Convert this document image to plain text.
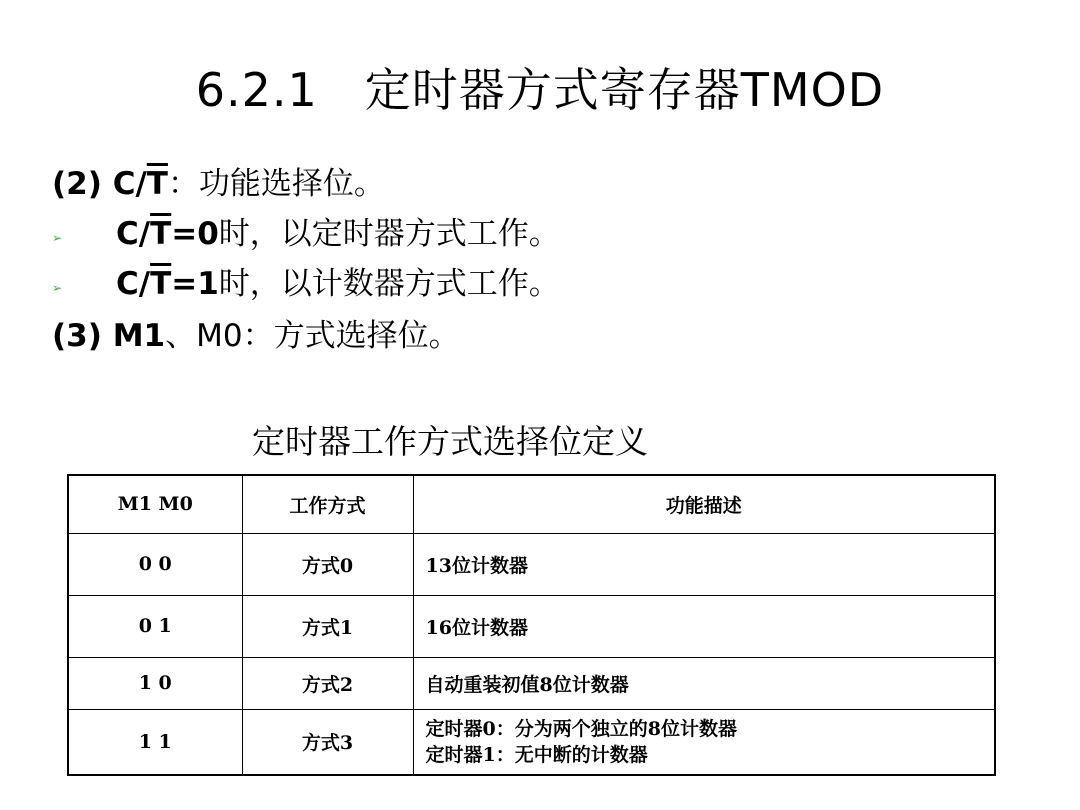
6.2.1　定时器方式寄存器TMOD
(2) $C/\overline{T}$：功能选择位。
➢ $C/\overline{T}=0$时，以定时器方式工作。
➢ $C/\overline{T}=1$时，以计数器方式工作。
(3) M1、M0：方式选择位。
定时器工作方式选择位定义
M1 M0	工作方式	功能描述
0 0	方式0	13位计数器
0 1	方式1	16位计数器
1 0	方式2	自动重装初值8位计数器
1 1	方式3	定时器0：分为两个独立的8位计数器
定时器1：无中断的计数器
